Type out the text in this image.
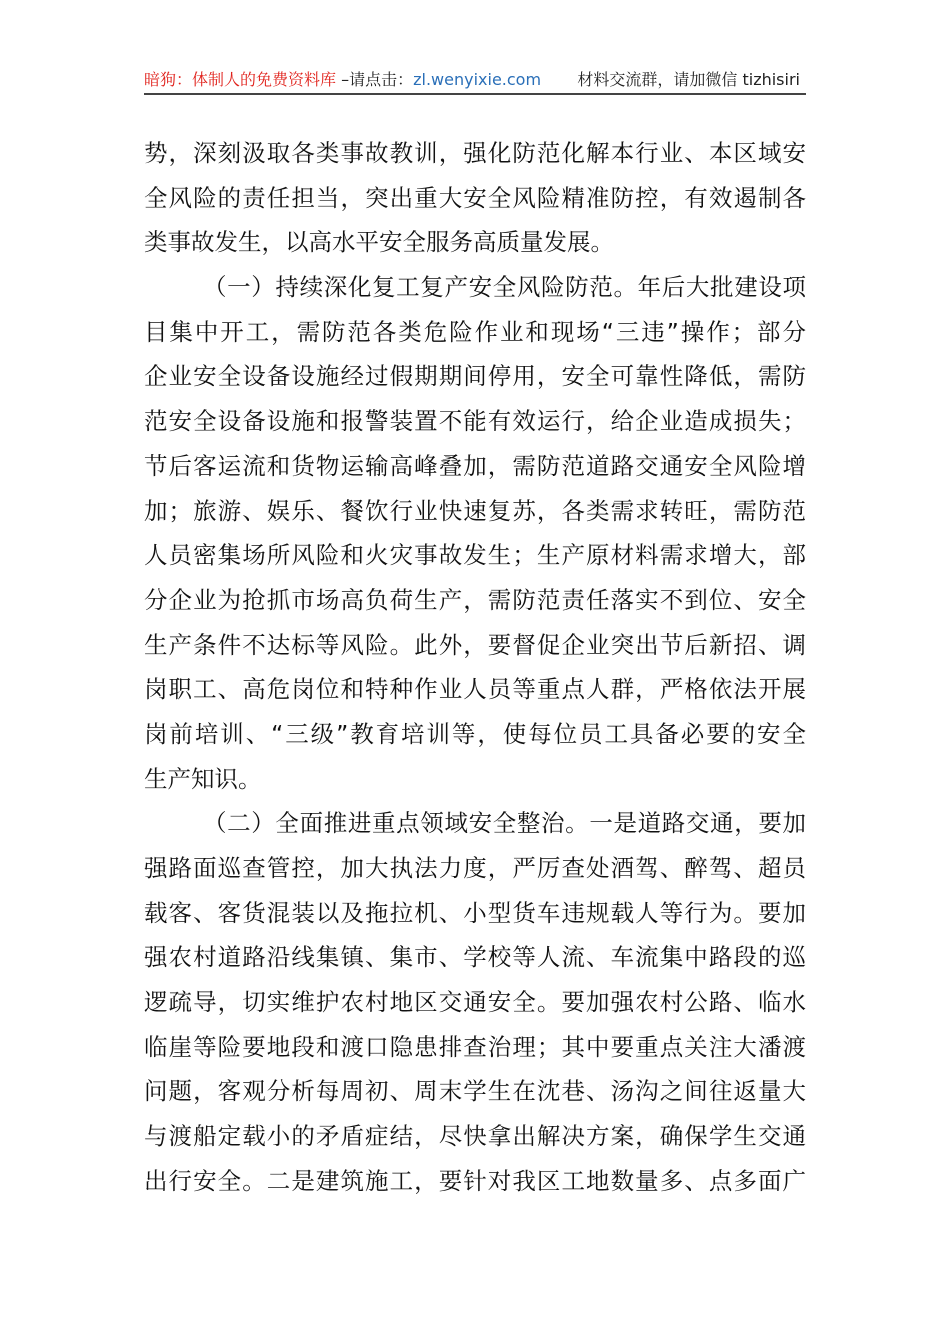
暗狗：体制人的免费资料库 –请点击：zl.wenyixie.com 材料交流群，请加微信 tizhisiri
势，深刻汲取各类事故教训，强化防范化解本行业、本区域安
全风险的责任担当，突出重大安全风险精准防控，有效遏制各
类事故发生，以高水平安全服务高质量发展。
（一）持续深化复工复产安全风险防范。年后大批建设项
目集中开工，需防范各类危险作业和现场“三违”操作；部分
企业安全设备设施经过假期期间停用，安全可靠性降低，需防
范安全设备设施和报警装置不能有效运行，给企业造成损失；
节后客运流和货物运输高峰叠加，需防范道路交通安全风险增
加；旅游、娱乐、餐饮行业快速复苏，各类需求转旺，需防范
人员密集场所风险和火灾事故发生；生产原材料需求增大，部
分企业为抢抓市场高负荷生产，需防范责任落实不到位、安全
生产条件不达标等风险。此外，要督促企业突出节后新招、调
岗职工、高危岗位和特种作业人员等重点人群，严格依法开展
岗前培训、“三级”教育培训等，使每位员工具备必要的安全
生产知识。
（二）全面推进重点领域安全整治。一是道路交通，要加
强路面巡查管控，加大执法力度，严厉查处酒驾、醉驾、超员
载客、客货混装以及拖拉机、小型货车违规载人等行为。要加
强农村道路沿线集镇、集市、学校等人流、车流集中路段的巡
逻疏导，切实维护农村地区交通安全。要加强农村公路、临水
临崖等险要地段和渡口隐患排查治理；其中要重点关注大潘渡
问题，客观分析每周初、周末学生在沈巷、汤沟之间往返量大
与渡船定载小的矛盾症结，尽快拿出解决方案，确保学生交通
出行安全。二是建筑施工，要针对我区工地数量多、点多面广
